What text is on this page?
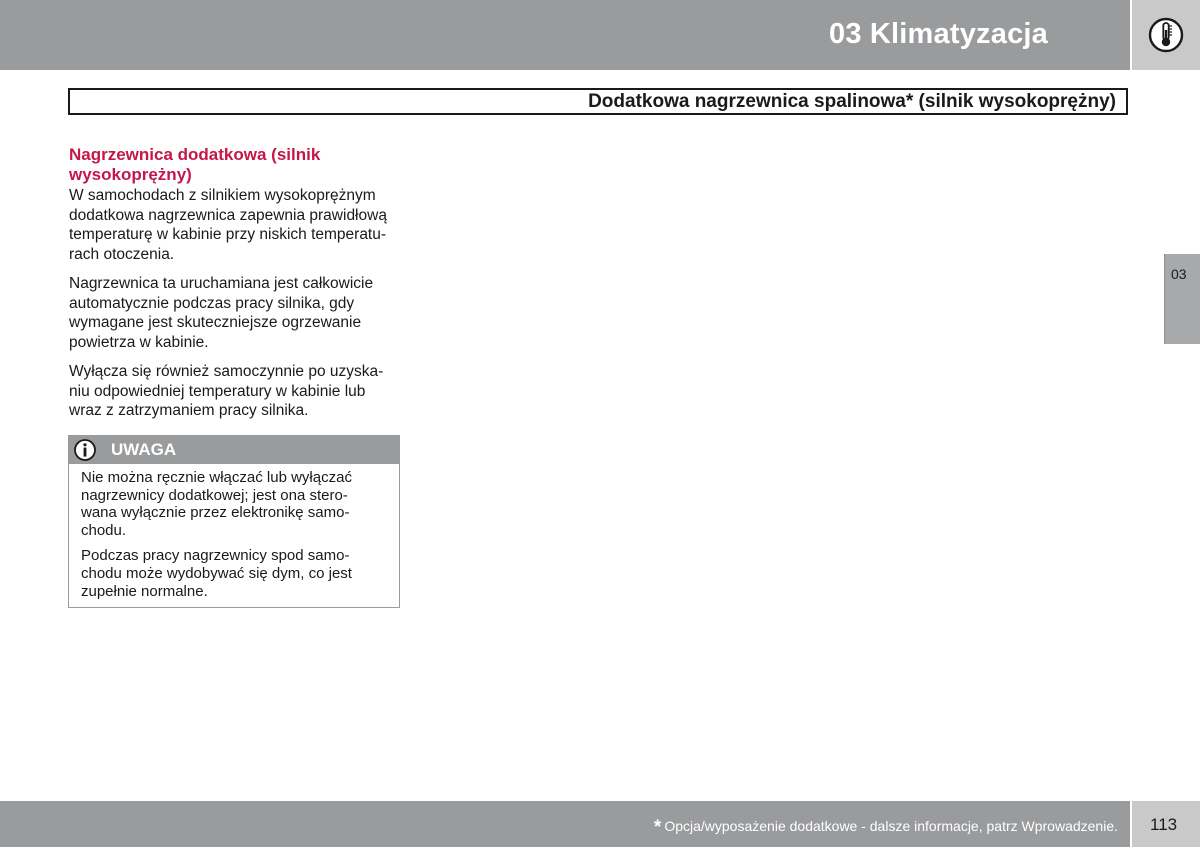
03 Klimatyzacja
Dodatkowa nagrzewnica spalinowa* (silnik wysokoprężny)
03
Nagrzewnica dodatkowa (silnik
wysokoprężny)

W samochodach z silnikiem wysokoprężnym
dodatkowa nagrzewnica zapewnia prawidłową
temperaturę w kabinie przy niskich temperatu-
rach otoczenia.

Nagrzewnica ta uruchamiana jest całkowicie
automatycznie podczas pracy silnika, gdy
wymagane jest skuteczniejsze ogrzewanie
powietrza w kabinie.

Wyłącza się również samoczynnie po uzyska-
niu odpowiedniej temperatury w kabinie lub
wraz z zatrzymaniem pracy silnika.

UWAGA

Nie można ręcznie włączać lub wyłączać
nagrzewnicy dodatkowej; jest ona stero-
wana wyłącznie przez elektronikę samo-
chodu.

Podczas pracy nagrzewnicy spod samo-
chodu może wydobywać się dym, co jest
zupełnie normalne.

* Opcja/wyposażenie dodatkowe - dalsze informacje, patrz Wprowadzenie. 113
